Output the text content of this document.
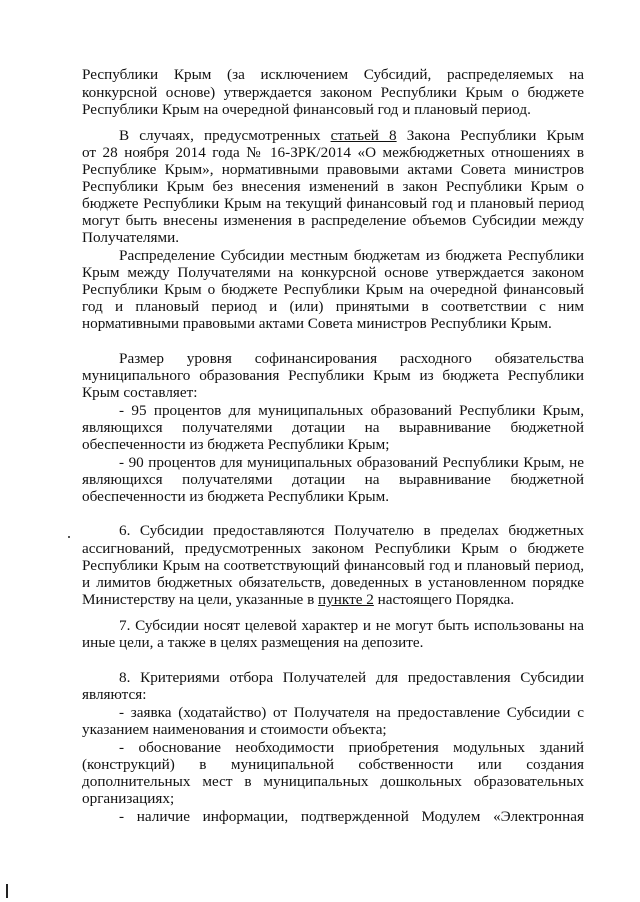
Республики Крым (за исключением Субсидий, распределяемых на
конкурсной основе) утверждается законом Республики Крым о бюджете
Республики Крым на очередной финансовый год и плановый период.
В случаях, предусмотренных статьей 8 Закона Республики Крым
от 28 ноября 2014 года № 16-ЗРК/2014 «О межбюджетных отношениях в
Республике Крым», нормативными правовыми актами Совета министров
Республики Крым без внесения изменений в закон Республики Крым о
бюджете Республики Крым на текущий финансовый год и плановый период
могут быть внесены изменения в распределение объемов Субсидии между
Получателями.
Распределение Субсидии местным бюджетам из бюджета Республики
Крым между Получателями на конкурсной основе утверждается законом
Республики Крым о бюджете Республики Крым на очередной финансовый
год и плановый период и (или) принятыми в соответствии с ним
нормативными правовыми актами Совета министров Республики Крым.
Размер уровня софинансирования расходного обязательства
муниципального образования Республики Крым из бюджета Республики
Крым составляет:
- 95 процентов для муниципальных образований Республики Крым,
являющихся получателями дотации на выравнивание бюджетной
обеспеченности из бюджета Республики Крым;
- 90 процентов для муниципальных образований Республики Крым, не
являющихся получателями дотации на выравнивание бюджетной
обеспеченности из бюджета Республики Крым.
6. Субсидии предоставляются Получателю в пределах бюджетных
ассигнований, предусмотренных законом Республики Крым о бюджете
Республики Крым на соответствующий финансовый год и плановый период,
и лимитов бюджетных обязательств, доведенных в установленном порядке
Министерству на цели, указанные в пункте 2 настоящего Порядка.
7. Субсидии носят целевой характер и не могут быть использованы на
иные цели, а также в целях размещения на депозите.
8. Критериями отбора Получателей для предоставления Субсидии
являются:
- заявка (ходатайство) от Получателя на предоставление Субсидии с
указанием наименования и стоимости объекта;
- обоснование необходимости приобретения модульных зданий
(конструкций) в муниципальной собственности или создания
дополнительных мест в муниципальных дошкольных образовательных
организациях;
- наличие информации, подтвержденной Модулем «Электронная
